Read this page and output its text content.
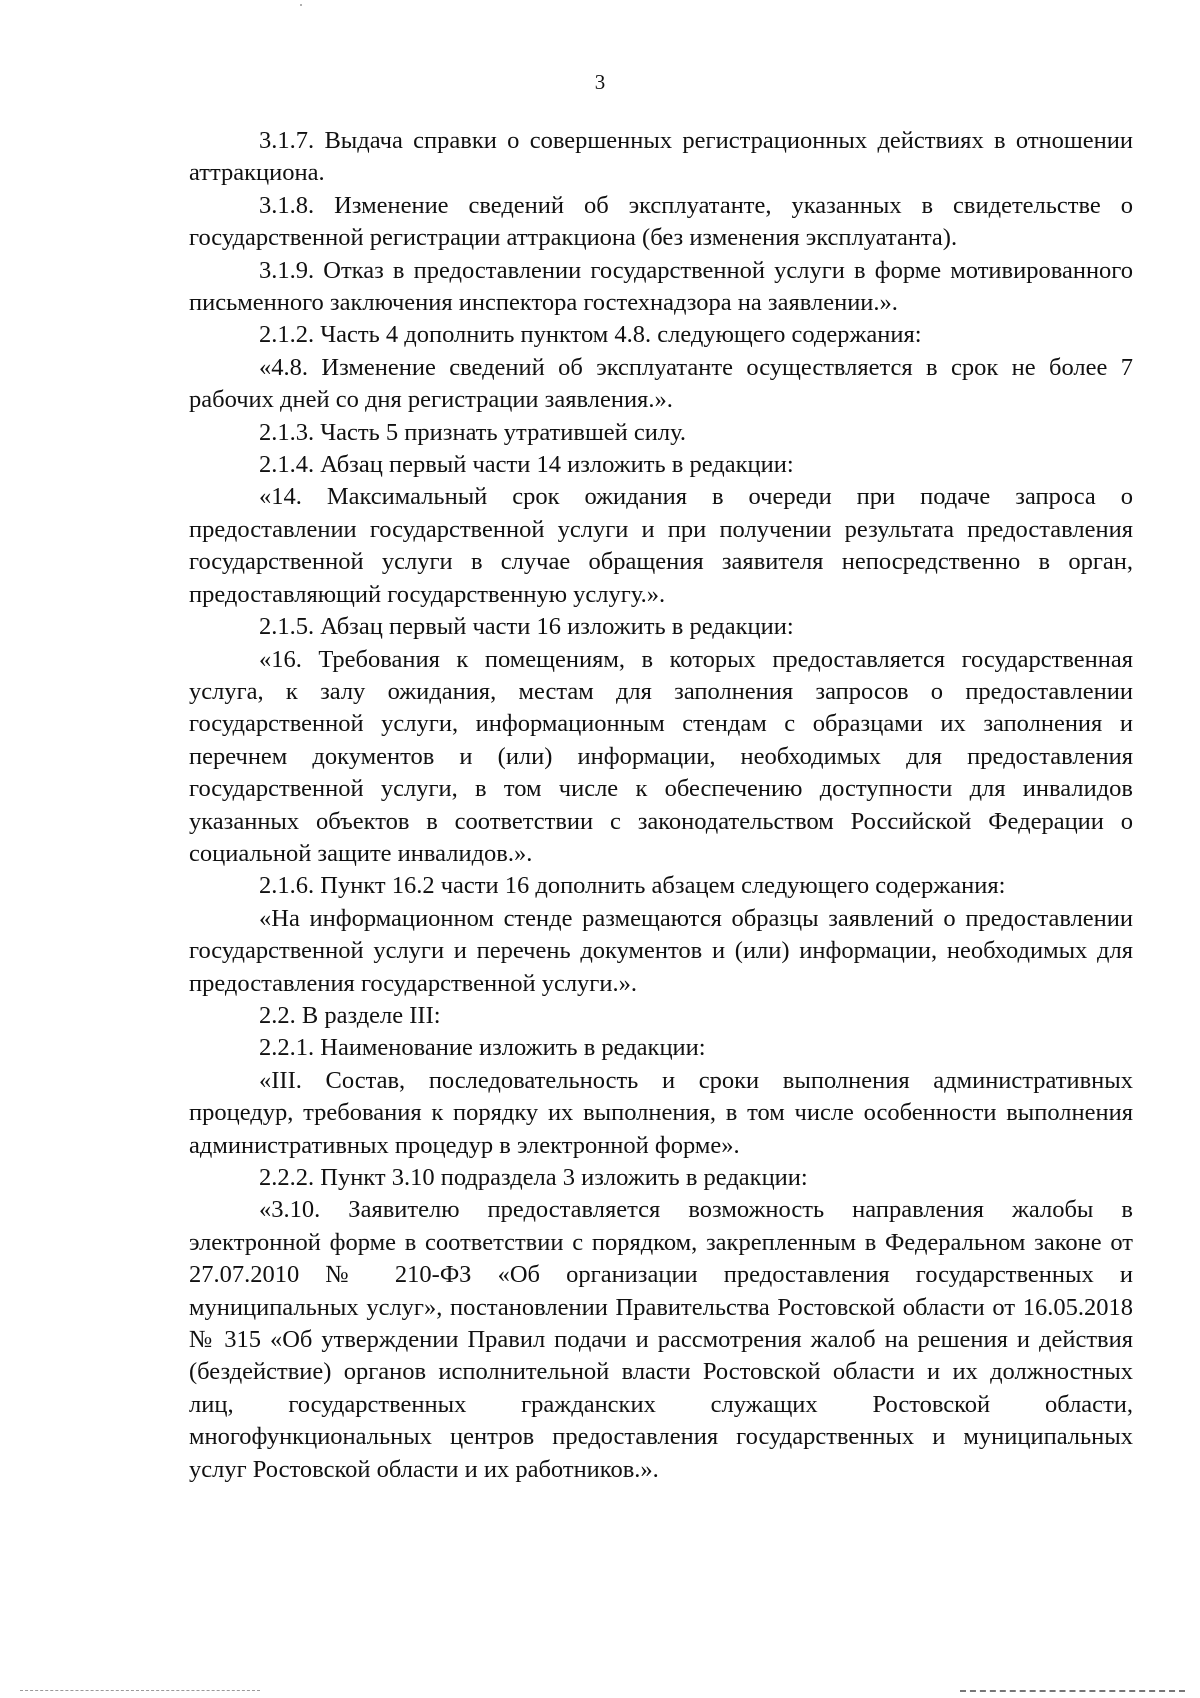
3

3.1.7. Выдача справки о совершенных регистрационных действиях в отношении аттракциона.

3.1.8. Изменение сведений об эксплуатанте, указанных в свидетельстве о государственной регистрации аттракциона (без изменения эксплуатанта).

3.1.9. Отказ в предоставлении государственной услуги в форме мотивированного письменного заключения инспектора гостехнадзора на заявлении.».

2.1.2. Часть 4 дополнить пунктом 4.8. следующего содержания:

«4.8. Изменение сведений об эксплуатанте осуществляется в срок не более 7 рабочих дней со дня регистрации заявления.».

2.1.3. Часть 5 признать утратившей силу.

2.1.4. Абзац первый части 14 изложить в редакции:

«14. Максимальный срок ожидания в очереди при подаче запроса о предоставлении государственной услуги и при получении результата предоставления государственной услуги в случае обращения заявителя непосредственно в орган, предоставляющий государственную услугу.».

2.1.5. Абзац первый части 16 изложить в редакции:

«16. Требования к помещениям, в которых предоставляется государственная услуга, к залу ожидания, местам для заполнения запросов о предоставлении государственной услуги, информационным стендам с образцами их заполнения и перечнем документов и (или) информации, необходимых для предоставления государственной услуги, в том числе к обеспечению доступности для инвалидов указанных объектов в соответствии с законодательством Российской Федерации о социальной защите инвалидов.».

2.1.6. Пункт 16.2 части 16 дополнить абзацем следующего содержания:

«На информационном стенде размещаются образцы заявлений о предоставлении государственной услуги и перечень документов и (или) информации, необходимых для предоставления государственной услуги.».

2.2. В разделе III:

2.2.1. Наименование изложить в редакции:

«III. Состав, последовательность и сроки выполнения административных процедур, требования к порядку их выполнения, в том числе особенности выполнения административных процедур в электронной форме».

2.2.2. Пункт 3.10 подраздела 3 изложить в редакции:

«3.10. Заявителю предоставляется возможность направления жалобы в электронной форме в соответствии с порядком, закрепленным в Федеральном законе от 27.07.2010 № 210-ФЗ «Об организации предоставления государственных и муниципальных услуг», постановлении Правительства Ростовской области от 16.05.2018 № 315 «Об утверждении Правил подачи и рассмотрения жалоб на решения и действия (бездействие) органов исполнительной власти Ростовской области и их должностных лиц, государственных гражданских служащих Ростовской области, многофункциональных центров предоставления государственных и муниципальных услуг Ростовской области и их работников.».
